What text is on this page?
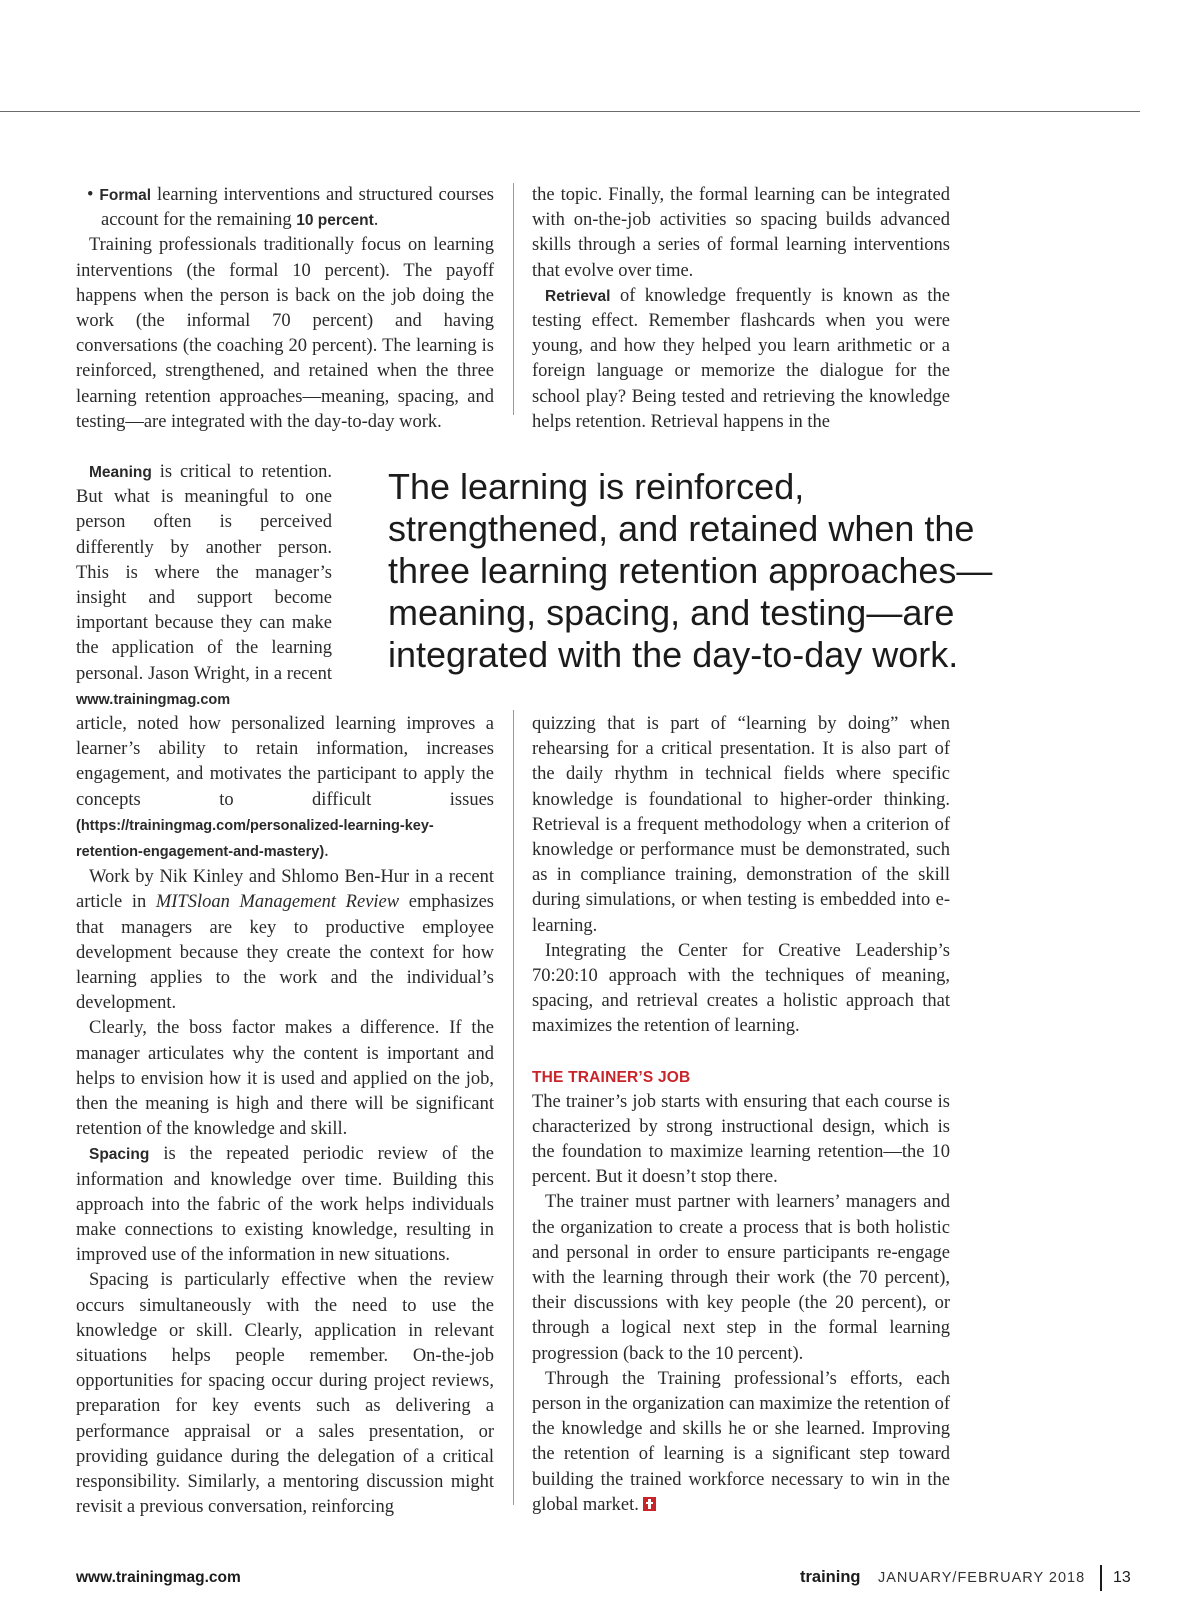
• Formal learning interventions and structured courses account for the remaining 10 percent.

Training professionals traditionally focus on learning interventions (the formal 10 percent). The payoff happens when the person is back on the job doing the work (the informal 70 percent) and having conversations (the coaching 20 percent). The learning is reinforced, strengthened, and retained when the three learning retention approaches—meaning, spacing, and testing—are integrated with the day-to-day work.

Meaning is critical to retention. But what is meaningful to one person often is perceived differently by another person. This is where the manager’s insight and support become important because they can make the application of the learning personal. Jason Wright, in a recent www.trainingmag.com

article, noted how personalized learning improves a learner’s ability to retain information, increases engagement, and motivates the participant to apply the concepts to difficult issues (https://trainingmag.com/personalized-learning-key-retention-engagement-and-mastery).

Work by Nik Kinley and Shlomo Ben-Hur in a recent article in MITSloan Management Review emphasizes that managers are key to productive employee development because they create the context for how learning applies to the work and the individual’s development.

Clearly, the boss factor makes a difference. If the manager articulates why the content is important and helps to envision how it is used and applied on the job, then the meaning is high and there will be significant retention of the knowledge and skill.

Spacing is the repeated periodic review of the information and knowledge over time. Building this approach into the fabric of the work helps individuals make connections to existing knowledge, resulting in improved use of the information in new situations.

Spacing is particularly effective when the review occurs simultaneously with the need to use the knowledge or skill. Clearly, application in relevant situations helps people remember. On-the-job opportunities for spacing occur during project reviews, preparation for key events such as delivering a performance appraisal or a sales presentation, or providing guidance during the delegation of a critical responsibility. Similarly, a mentoring discussion might revisit a previous conversation, reinforcing

the topic. Finally, the formal learning can be integrated with on-the-job activities so spacing builds advanced skills through a series of formal learning interventions that evolve over time.

Retrieval of knowledge frequently is known as the testing effect. Remember flashcards when you were young, and how they helped you learn arithmetic or a foreign language or memorize the dialogue for the school play? Being tested and retrieving the knowledge helps retention. Retrieval happens in the

The learning is reinforced,
strengthened, and retained when the
three learning retention approaches—
meaning, spacing, and testing—are
integrated with the day-to-day work.

quizzing that is part of “learning by doing” when rehearsing for a critical presentation. It is also part of the daily rhythm in technical fields where specific knowledge is foundational to higher-order thinking. Retrieval is a frequent methodology when a criterion of knowledge or performance must be demonstrated, such as in compliance training, demonstration of the skill during simulations, or when testing is embedded into e-learning.

Integrating the Center for Creative Leadership’s 70:20:10 approach with the techniques of meaning, spacing, and retrieval creates a holistic approach that maximizes the retention of learning.

THE TRAINER’S JOB

The trainer’s job starts with ensuring that each course is characterized by strong instructional design, which is the foundation to maximize learning retention—the 10 percent. But it doesn’t stop there.

The trainer must partner with learners’ managers and the organization to create a process that is both holistic and personal in order to ensure participants re-engage with the learning through their work (the 70 percent), their discussions with key people (the 20 percent), or through a logical next step in the formal learning progression (back to the 10 percent).

Through the Training professional’s efforts, each person in the organization can maximize the retention of the knowledge and skills he or she learned. Improving the retention of learning is a significant step toward building the trained workforce necessary to win in the global market.

www.trainingmag.com	training JANUARY/FEBRUARY 2018 13
